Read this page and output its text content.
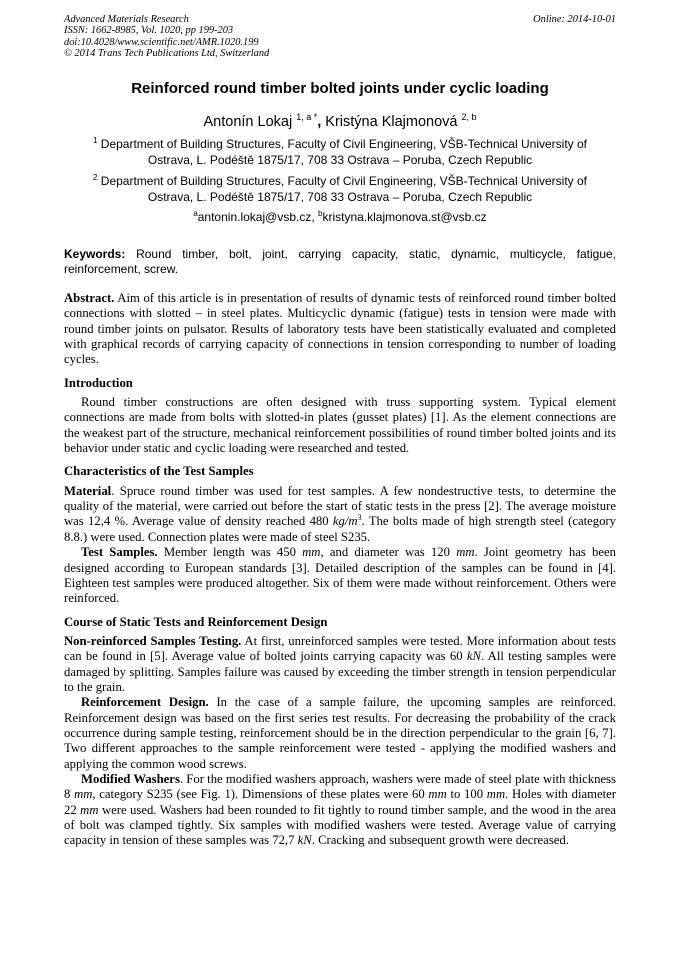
Advanced Materials Research
ISSN: 1662-8985, Vol. 1020, pp 199-203
doi:10.4028/www.scientific.net/AMR.1020.199
© 2014 Trans Tech Publications Ltd, Switzerland
Online: 2014-10-01
Reinforced round timber bolted joints under cyclic loading
Antonín Lokaj $^{1, a *}$, Kristýna Klajmonová $^{2, b}$
$^1$ Department of Building Structures, Faculty of Civil Engineering, VŠB-Technical University of Ostrava, L. Podéště 1875/17, 708 33 Ostrava – Poruba, Czech Republic
$^2$ Department of Building Structures, Faculty of Civil Engineering, VŠB-Technical University of Ostrava, L. Podéště 1875/17, 708 33 Ostrava – Poruba, Czech Republic
$^a$antonin.lokaj@vsb.cz, $^b$kristyna.klajmonova.st@vsb.cz
Keywords: Round timber, bolt, joint, carrying capacity, static, dynamic, multicycle, fatigue, reinforcement, screw.

Abstract. Aim of this article is in presentation of results of dynamic tests of reinforced round timber bolted connections with slotted – in steel plates. Multicyclic dynamic (fatigue) tests in tension were made with round timber joints on pulsator. Results of laboratory tests have been statistically evaluated and completed with graphical records of carrying capacity of connections in tension corresponding to number of loading cycles.

Introduction

Round timber constructions are often designed with truss supporting system. Typical element connections are made from bolts with slotted-in plates (gusset plates) [1]. As the element connections are the weakest part of the structure, mechanical reinforcement possibilities of round timber bolted joints and its behavior under static and cyclic loading were researched and tested.

Characteristics of the Test Samples

Material. Spruce round timber was used for test samples. A few nondestructive tests, to determine the quality of the material, were carried out before the start of static tests in the press [2]. The average moisture was 12,4 %. Average value of density reached 480 $kg/m^3$. The bolts made of high strength steel (category 8.8.) were used. Connection plates were made of steel S235.

Test Samples. Member length was 450 mm, and diameter was 120 mm. Joint geometry has been designed according to European standards [3]. Detailed description of the samples can be found in [4]. Eighteen test samples were produced altogether. Six of them were made without reinforcement. Others were reinforced.

Course of Static Tests and Reinforcement Design

Non-reinforced Samples Testing. At first, unreinforced samples were tested. More information about tests can be found in [5]. Average value of bolted joints carrying capacity was 60 kN. All testing samples were damaged by splitting. Samples failure was caused by exceeding the timber strength in tension perpendicular to the grain.

Reinforcement Design. In the case of a sample failure, the upcoming samples are reinforced. Reinforcement design was based on the first series test results. For decreasing the probability of the crack occurrence during sample testing, reinforcement should be in the direction perpendicular to the grain [6, 7]. Two different approaches to the sample reinforcement were tested - applying the modified washers and applying the common wood screws.

Modified Washers. For the modified washers approach, washers were made of steel plate with thickness 8 mm, category S235 (see Fig. 1). Dimensions of these plates were 60 mm to 100 mm. Holes with diameter 22 mm were used. Washers had been rounded to fit tightly to round timber sample, and the wood in the area of bolt was clamped tightly. Six samples with modified washers were tested. Average value of carrying capacity in tension of these samples was 72,7 kN. Cracking and subsequent growth were decreased.
